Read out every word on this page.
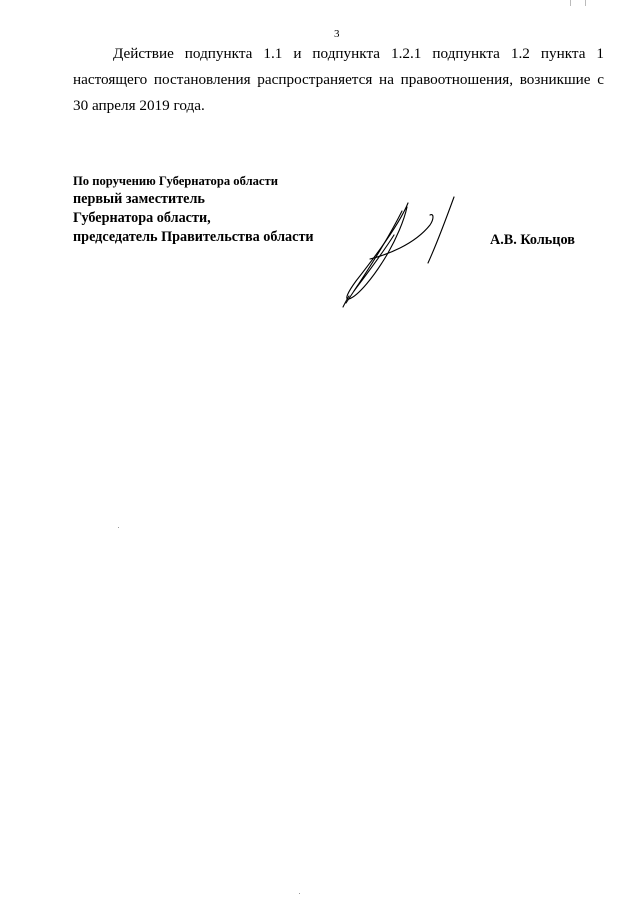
3

Действие подпункта 1.1 и подпункта 1.2.1 подпункта 1.2 пункта 1 настоящего постановления распространяется на правоотношения, возникшие с 30 апреля 2019 года.

По поручению Губернатора области
первый заместитель
Губернатора области,
председатель Правительства области	А.В. Кольцов
